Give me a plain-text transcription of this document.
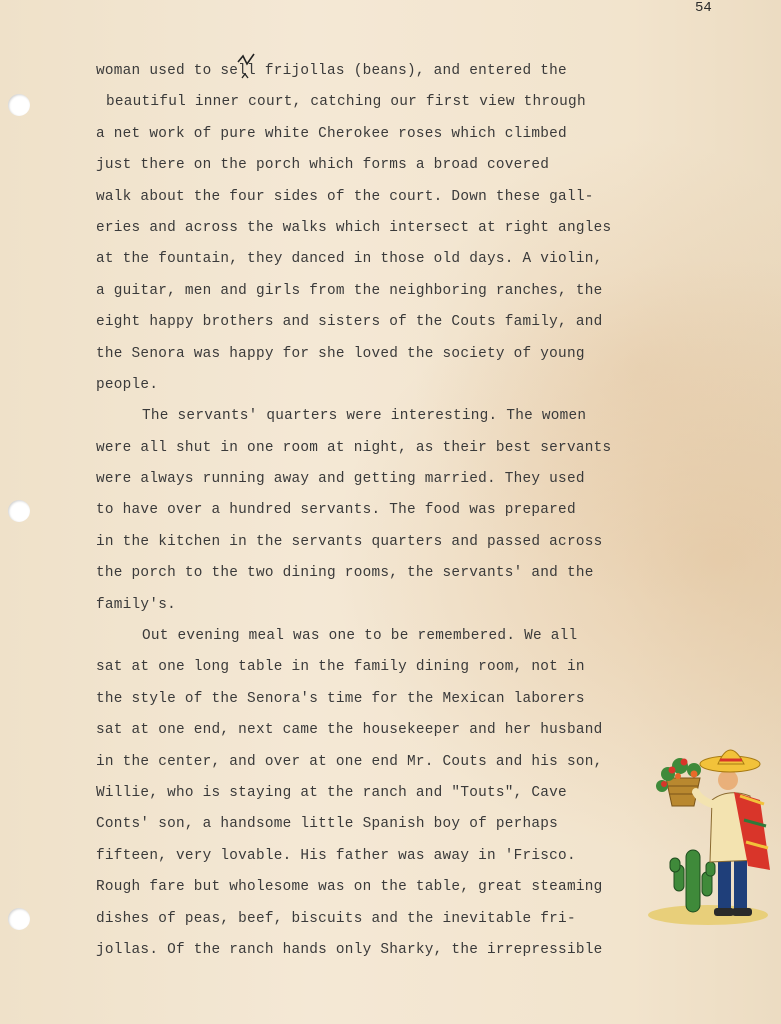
54
woman used to sell frijollas (beans), and entered the
beautiful inner court, catching our first view through
a net work of pure white Cherokee roses which climbed
just there on the porch which forms a broad covered
walk about the four sides of the court. Down these gall-
eries and across the walks which intersect at right angles
at the fountain, they danced in those old days. A violin,
a guitar, men and girls from the neighboring ranches, the
eight happy brothers and sisters of the Couts family, and
the Senora was happy for she loved the society of young
people.
The servants' quarters were interesting. The women
were all shut in one room at night, as their best servants
were always running away and getting married. They used
to have over a hundred servants. The food was prepared
in the kitchen in the servants quarters and passed across
the porch to the two dining rooms, the servants' and the
family's.
Out evening meal was one to be remembered. We all
sat at one long table in the family dining room, not in
the style of the Senora's time for the Mexican laborers
sat at one end, next came the housekeeper and her husband
in the center, and over at one end Mr. Couts and his son,
Willie, who is staying at the ranch and "Touts", Cave
Conts' son, a handsome little Spanish boy of perhaps
fifteen, very lovable. His father was away in 'Frisco.
Rough fare but wholesome was on the table, great steaming
dishes of peas, beef, biscuits and the inevitable fri-
jollas. Of the ranch hands only Sharky, the irrepressible
